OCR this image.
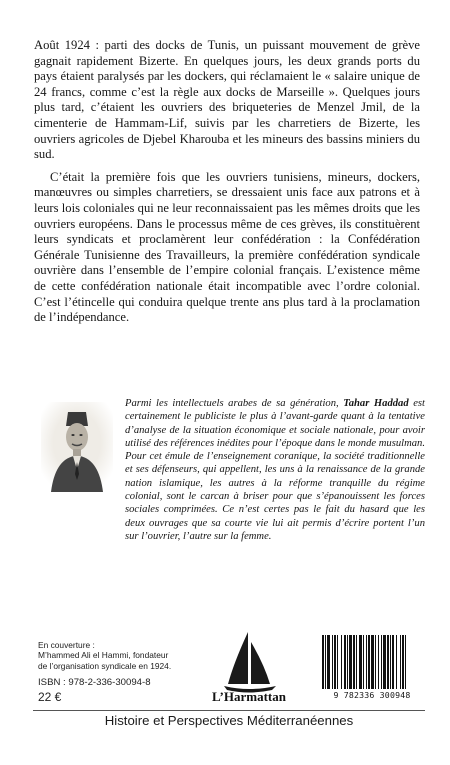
Août 1924 : parti des docks de Tunis, un puissant mouvement de grève gagnait rapidement Bizerte. En quelques jours, les deux grands ports du pays étaient paralysés par les dockers, qui réclamaient le « salaire unique de 24 francs, comme c’est la règle aux docks de Marseille ». Quelques jours plus tard, c’étaient les ouvriers des briqueteries de Menzel Jmil, de la cimenterie de Hammam-Lif, suivis par les charretiers de Bizerte, les ouvriers agricoles de Djebel Kharouba et les mineurs des bassins miniers du sud.

C’était la première fois que les ouvriers tunisiens, mineurs, dockers, manœuvres ou simples charretiers, se dressaient unis face aux patrons et à leurs lois coloniales qui ne leur reconnaissaient pas les mêmes droits que les ouvriers européens. Dans le processus même de ces grèves, ils constituèrent leurs syndicats et proclamèrent leur confédération : la Confédération Générale Tunisienne des Travailleurs, la première confédération syndicale ouvrière dans l’ensemble de l’empire colonial français. L’existence même de cette confédération nationale était incompatible avec l’ordre colonial. C’est l’étincelle qui conduira quelque trente ans plus tard à la proclamation de l’indépendance.

Parmi les intellectuels arabes de sa génération, Tahar Haddad est certainement le publiciste le plus à l’avant-garde quant à la tentative d’analyse de la situation économique et sociale nationale, pour avoir utilisé des références inédites pour l’époque dans le monde musulman. Pour cet émule de l’enseignement coranique, la société traditionnelle et ses défenseurs, qui appellent, les uns à la renaissance de la grande nation islamique, les autres à la réforme tranquille du régime colonial, sont le carcan à briser pour que s’épanouissent les forces sociales comprimées. Ce n’est certes pas le fait du hasard que les deux ouvrages que sa courte vie lui ait permis d’écrire portent l’un sur l’ouvrier, l’autre sur la femme.
En couverture :
M’hammed Ali el Hammi, fondateur
de l’organisation syndicale en 1924.
ISBN : 978-2-336-30094-8
22 €	L’Harmattan	9 782336 300948
Histoire et Perspectives Méditerranéennes
